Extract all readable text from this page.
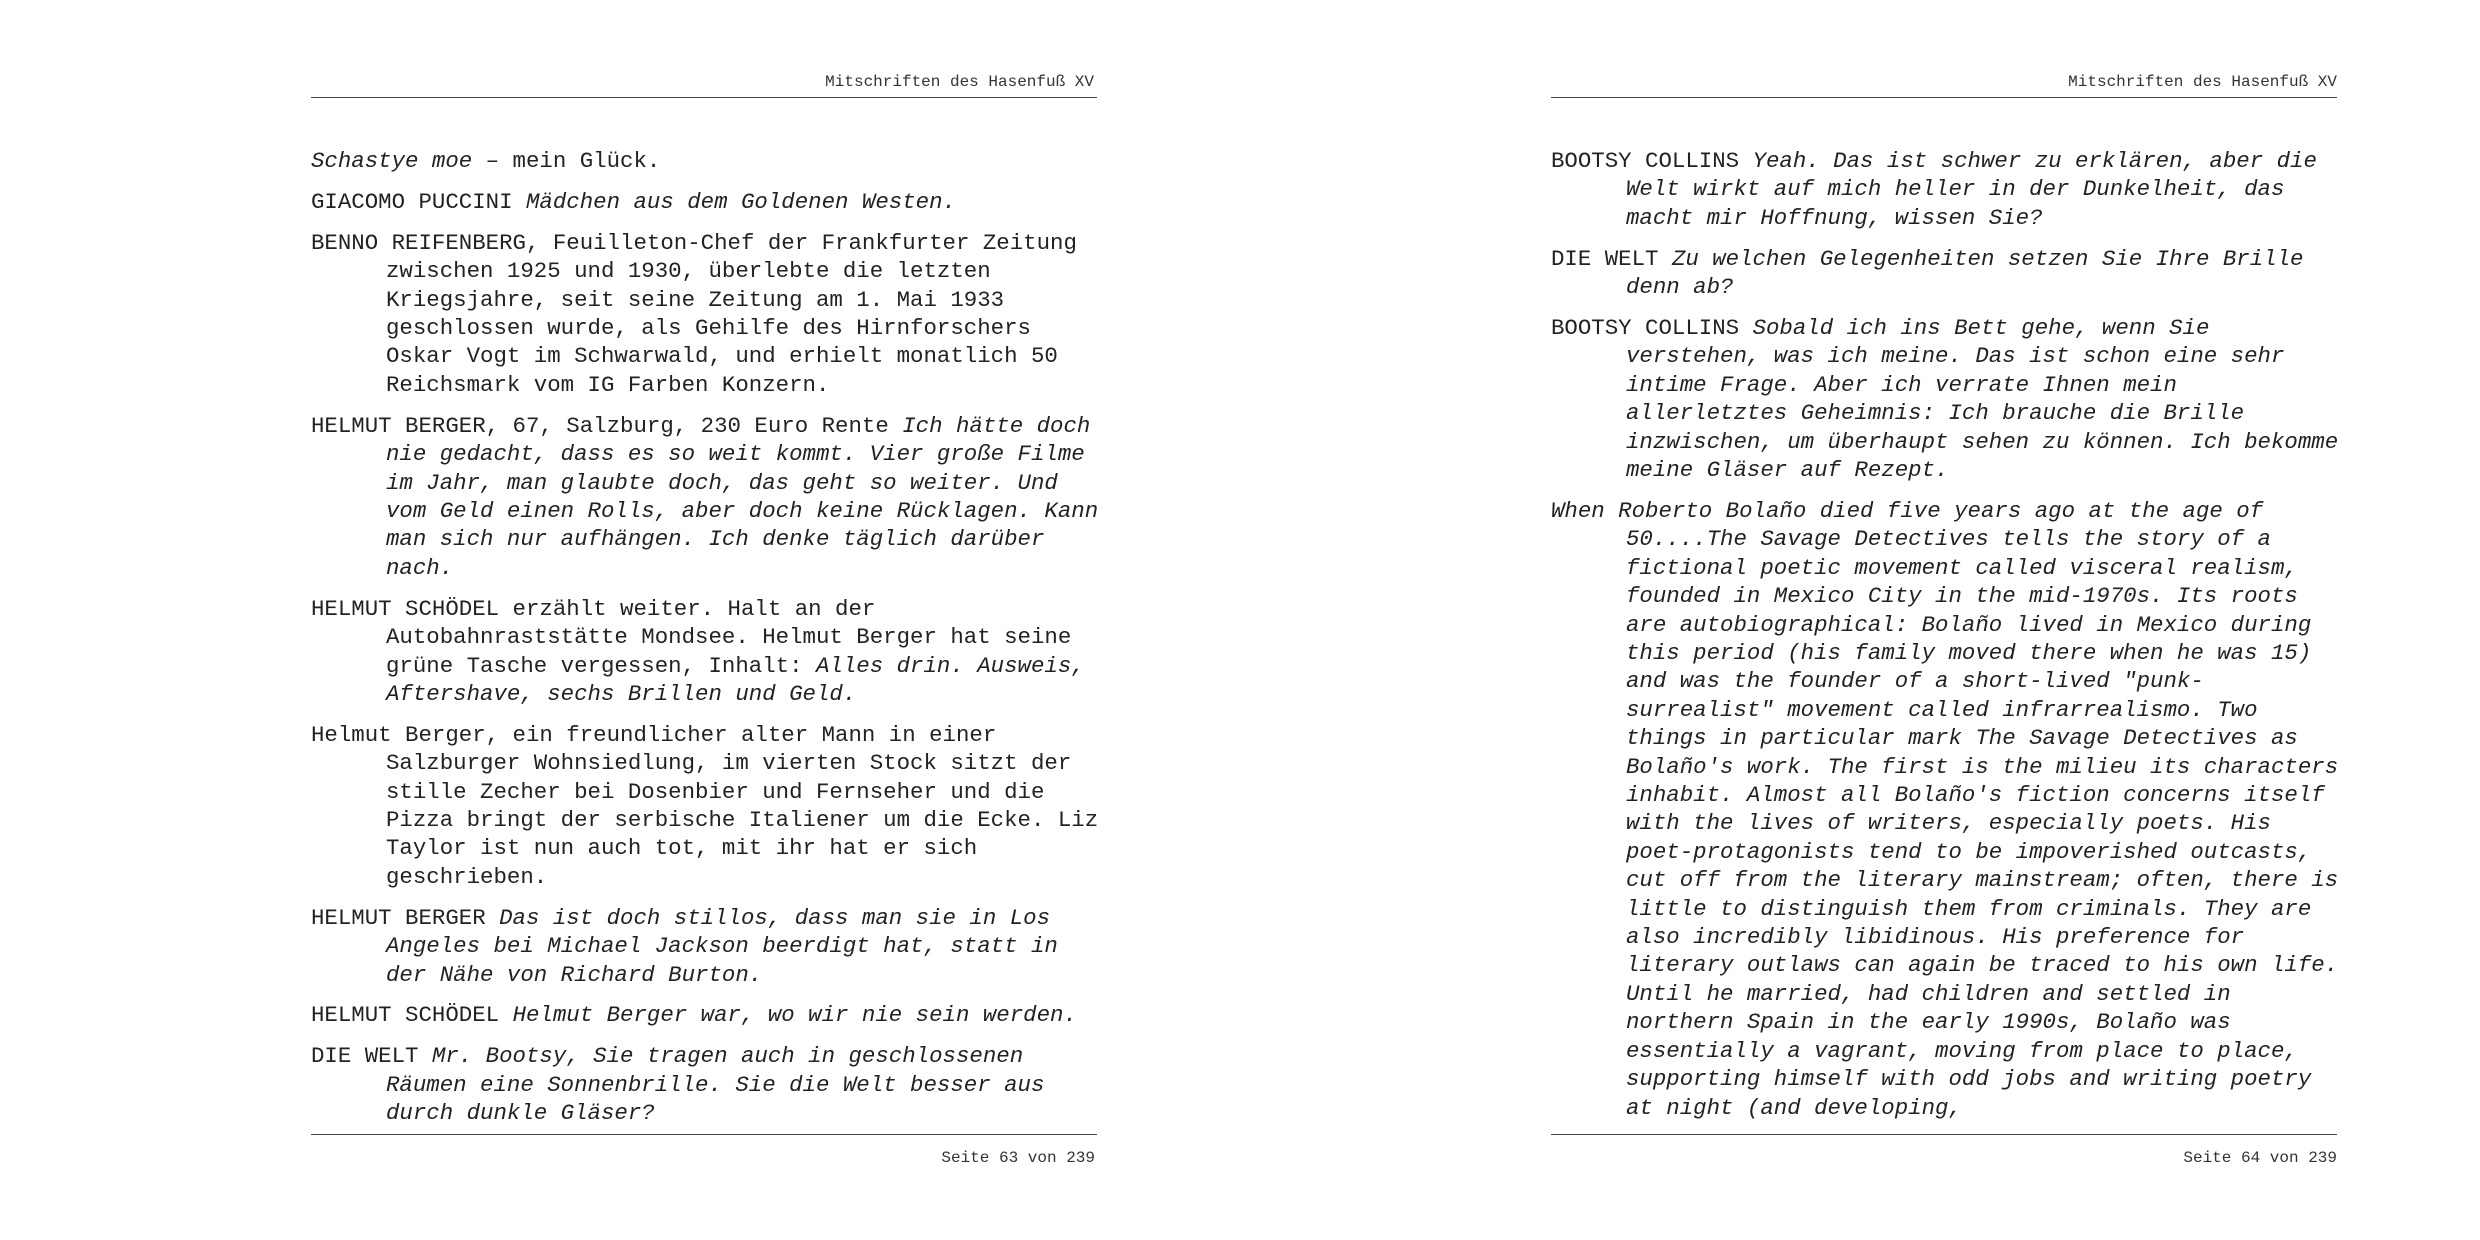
Mitschriften des Hasenfuß XV

Schastye moe – mein Glück.

GIACOMO PUCCINI Mädchen aus dem Goldenen Westen.

BENNO REIFENBERG, Feuilleton-Chef der Frankfurter Zeitung zwischen 1925 und 1930, überlebte die letzten Kriegsjahre, seit seine Zeitung am 1. Mai 1933 geschlossen wurde, als Gehilfe des Hirnforschers Oskar Vogt im Schwarwald, und erhielt monatlich 50 Reichsmark vom IG Farben Konzern.

HELMUT BERGER, 67, Salzburg, 230 Euro Rente Ich hätte doch nie gedacht, dass es so weit kommt. Vier große Filme im Jahr, man glaubte doch, das geht so weiter. Und vom Geld einen Rolls, aber doch keine Rücklagen. Kann man sich nur aufhängen. Ich denke täglich darüber nach.

HELMUT SCHÖDEL erzählt weiter. Halt an der Autobahnraststätte Mondsee. Helmut Berger hat seine grüne Tasche vergessen, Inhalt: Alles drin. Ausweis, Aftershave, sechs Brillen und Geld.

Helmut Berger, ein freundlicher alter Mann in einer Salzburger Wohnsiedlung, im vierten Stock sitzt der stille Zecher bei Dosenbier und Fernseher und die Pizza bringt der serbische Italiener um die Ecke. Liz Taylor ist nun auch tot, mit ihr hat er sich geschrieben.

HELMUT BERGER Das ist doch stillos, dass man sie in Los Angeles bei Michael Jackson beerdigt hat, statt in der Nähe von Richard Burton.

HELMUT SCHÖDEL Helmut Berger war, wo wir nie sein werden.

DIE WELT Mr. Bootsy, Sie tragen auch in geschlossenen Räumen eine Sonnenbrille. Sie die Welt besser aus durch dunkle Gläser?

Seite 63 von 239
Mitschriften des Hasenfuß XV

BOOTSY COLLINS Yeah. Das ist schwer zu erklären, aber die Welt wirkt auf mich heller in der Dunkelheit, das macht mir Hoffnung, wissen Sie?

DIE WELT Zu welchen Gelegenheiten setzen Sie Ihre Brille denn ab?

BOOTSY COLLINS Sobald ich ins Bett gehe, wenn Sie verstehen, was ich meine. Das ist schon eine sehr intime Frage. Aber ich verrate Ihnen mein allerletztes Geheimnis: Ich brauche die Brille inzwischen, um überhaupt sehen zu können. Ich bekomme meine Gläser auf Rezept.

When Roberto Bolaño died five years ago at the age of 50....The Savage Detectives tells the story of a fictional poetic movement called visceral realism, founded in Mexico City in the mid-1970s. Its roots are autobiographical: Bolaño lived in Mexico during this period (his family moved there when he was 15) and was the founder of a short-lived "punk-surrealist" movement called infrarrealismo. Two things in particular mark The Savage Detectives as Bolaño's work. The first is the milieu its characters inhabit. Almost all Bolaño's fiction concerns itself with the lives of writers, especially poets. His poet-protagonists tend to be impoverished outcasts, cut off from the literary mainstream; often, there is little to distinguish them from criminals. They are also incredibly libidinous. His preference for literary outlaws can again be traced to his own life. Until he married, had children and settled in northern Spain in the early 1990s, Bolaño was essentially a vagrant, moving from place to place, supporting himself with odd jobs and writing poetry at night (and developing,

Seite 64 von 239
